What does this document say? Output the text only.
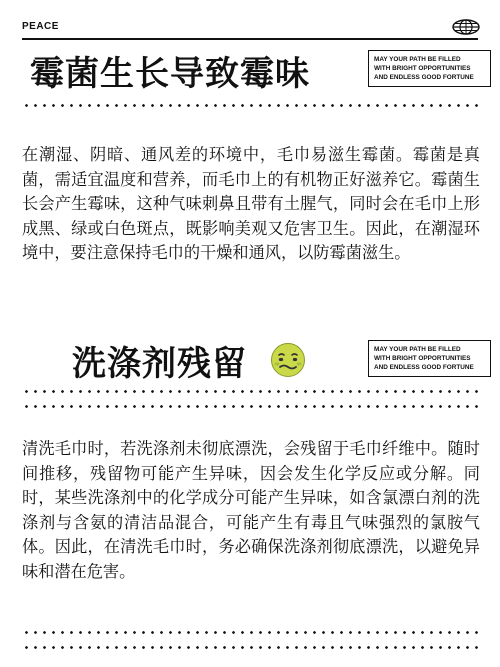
PEACE
霉菌生长导致霉味	MAY YOUR PATH BE FILLED
WITH BRIGHT OPPORTUNITIES
AND ENDLESS GOOD FORTUNE
在潮湿、阴暗、通风差的环境中，毛巾易滋生霉菌。霉菌是真菌，需适宜温度和营养，而毛巾上的有机物正好滋养它。霉菌生长会产生霉味，这种气味刺鼻且带有土腥气，同时会在毛巾上形成黑、绿或白色斑点，既影响美观又危害卫生。因此，在潮湿环境中，要注意保持毛巾的干燥和通风，以防霉菌滋生。
洗涤剂残留	MAY YOUR PATH BE FILLED
WITH BRIGHT OPPORTUNITIES
AND ENDLESS GOOD FORTUNE
清洗毛巾时，若洗涤剂未彻底漂洗，会残留于毛巾纤维中。随时间推移，残留物可能产生异味，因会发生化学反应或分解。同时，某些洗涤剂中的化学成分可能产生异味，如含氯漂白剂的洗涤剂与含氨的清洁品混合，可能产生有毒且气味强烈的氯胺气体。因此，在清洗毛巾时，务必确保洗涤剂彻底漂洗，以避免异味和潜在危害。
